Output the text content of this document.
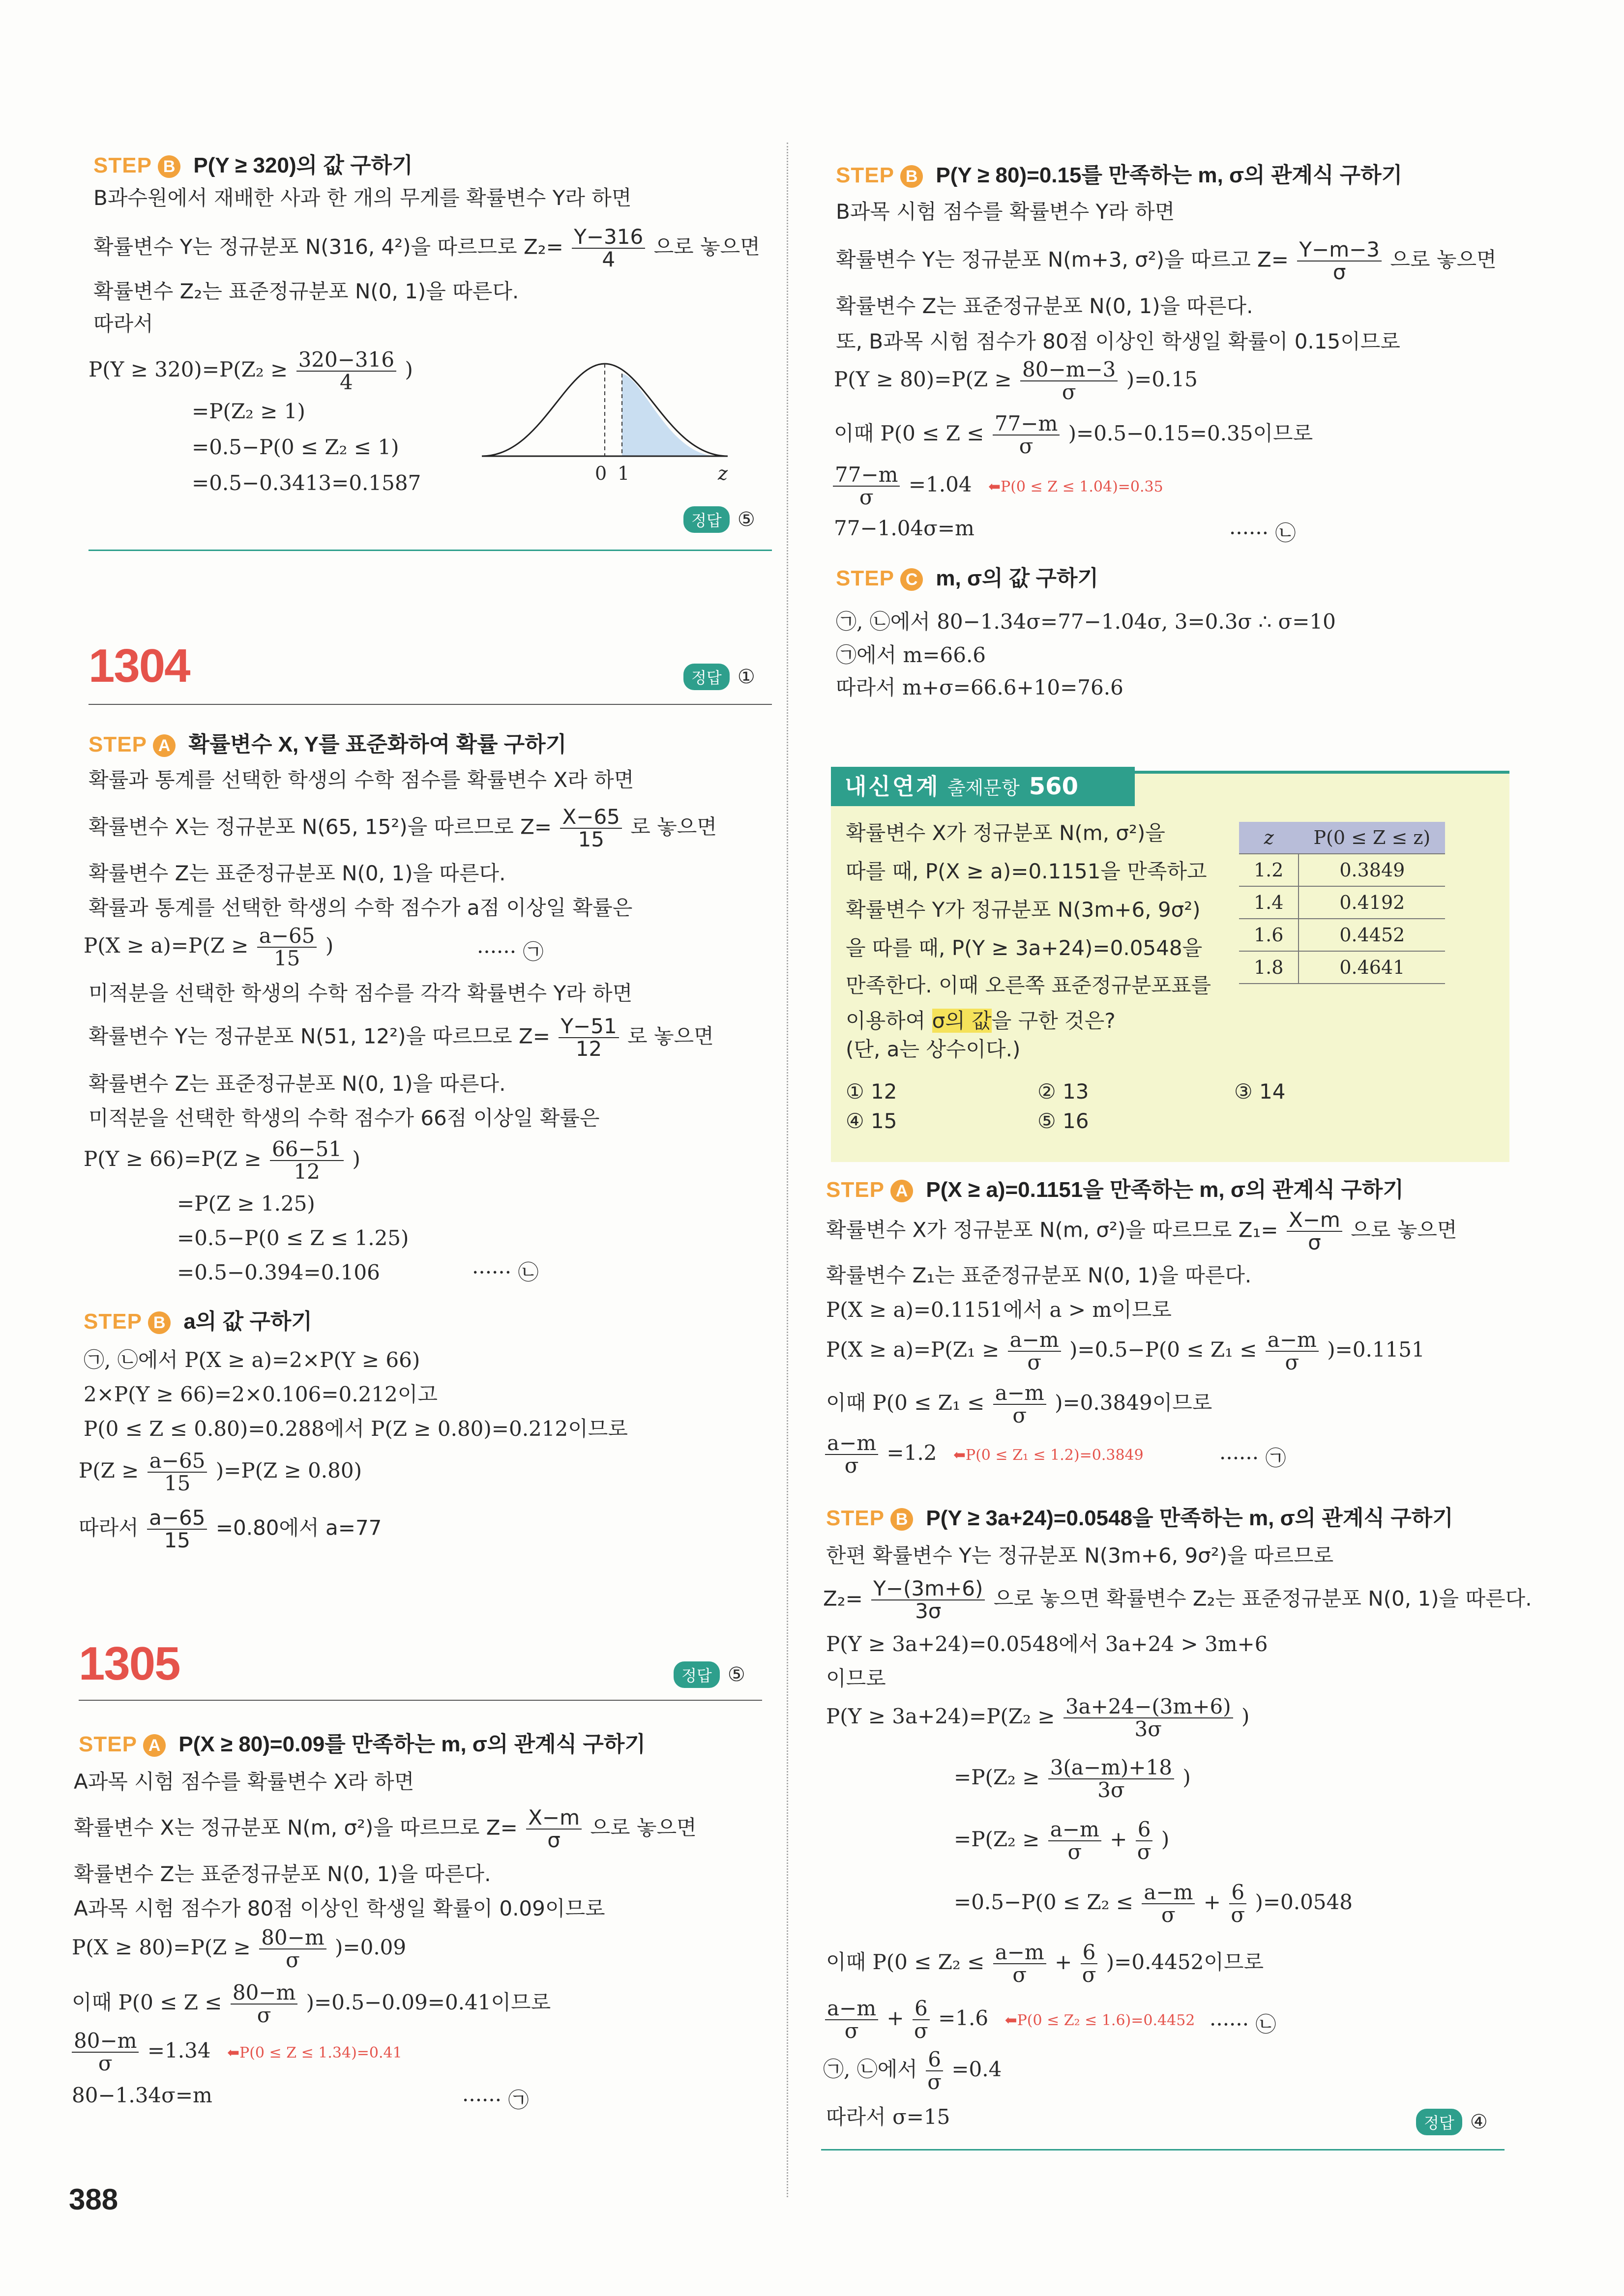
STEP B P(Y ≥ 320)의 값 구하기
B과수원에서 재배한 사과 한 개의 무게를 확률변수 Y라 하면
확률변수 Y는 정규분포 N(316, 4²)을 따르므로 $Z_2= \frac{Y-316}{4}$ 으로 놓으면
확률변수 Z₂는 표준정규분포 N(0, 1)을 따른다.
따라서
$P(Y \ge 320)=P(Z_2 \ge \frac{320-316}{4}$ )
=P(Z₂ ≥ 1)
=0.5−P(0 ≤ Z₂ ≤ 1)
=0.5−0.3413=0.1587	0 1	z
정답 ⑤
1304	정답 ①
STEP A 확률변수 X, Y를 표준화하여 확률 구하기
확률과 통계를 선택한 학생의 수학 점수를 확률변수 X라 하면
확률변수 X는 정규분포 N(65, 15²)을 따르므로 $Z= \frac{X-65}{15}$ 로 놓으면
확률변수 Z는 표준정규분포 N(0, 1)을 따른다.
확률과 통계를 선택한 학생의 수학 점수가 a점 이상일 확률은
$P(X \ge a)=P(Z \ge \frac{a-65}{15}$ )	······ ㉠
미적분을 선택한 학생의 수학 점수를 각각 확률변수 Y라 하면
확률변수 Y는 정규분포 N(51, 12²)을 따르므로 $Z= \frac{Y-51}{12}$ 로 놓으면
확률변수 Z는 표준정규분포 N(0, 1)을 따른다.
미적분을 선택한 학생의 수학 점수가 66점 이상일 확률은
$P(Y \ge 66)=P(Z \ge \frac{66-51}{12}$ )
=P(Z ≥ 1.25)
=0.5−P(0 ≤ Z ≤ 1.25)
=0.5−0.394=0.106	······ ㉡
STEP B a의 값 구하기
㉠, ㉡에서 P(X ≥ a)=2×P(Y ≥ 66)
2×P(Y ≥ 66)=2×0.106=0.212이고
P(0 ≤ Z ≤ 0.80)=0.288에서 P(Z ≥ 0.80)=0.212이므로
$P(Z \ge \frac{a-65}{15} )=P(Z \ge 0.80)$
따라서 $\frac{a-65}{15} =0.80$에서 a=77
1305	정답 ⑤
STEP A P(X ≥ 80)=0.09를 만족하는 m, σ의 관계식 구하기
A과목 시험 점수를 확률변수 X라 하면
확률변수 X는 정규분포 N(m, σ²)을 따르므로 $Z= \frac{X-m}{\sigma}$ 으로 놓으면
확률변수 Z는 표준정규분포 N(0, 1)을 따른다.
A과목 시험 점수가 80점 이상인 학생일 확률이 0.09이므로
$P(X \ge 80)=P(Z \ge \frac{80-m}{\sigma} )=0.09$
이때 $P(0 \le Z \le \frac{80-m}{\sigma} )=0.5-0.09=0.41$이므로
$\frac{80-m}{\sigma} =1.34$ ⬅P(0 ≤ Z ≤ 1.34)=0.41
80−1.34σ=m	······ ㉠
STEP B P(Y ≥ 80)=0.15를 만족하는 m, σ의 관계식 구하기
B과목 시험 점수를 확률변수 Y라 하면
확률변수 Y는 정규분포 N(m+3, σ²)을 따르고 $Z= \frac{Y-m-3}{\sigma}$ 으로 놓으면
확률변수 Z는 표준정규분포 N(0, 1)을 따른다.
또, B과목 시험 점수가 80점 이상인 학생일 확률이 0.15이므로
$P(Y \ge 80)=P(Z \ge \frac{80-m-3}{\sigma} )=0.15$
이때 $P(0 \le Z \le \frac{77-m}{\sigma} )=0.5-0.15=0.35$이므로
$\frac{77-m}{\sigma} =1.04$ ⬅P(0 ≤ Z ≤ 1.04)=0.35
77−1.04σ=m	······ ㉡
STEP C m, σ의 값 구하기
㉠, ㉡에서 80−1.34σ=77−1.04σ, 3=0.3σ ∴ σ=10
㉠에서 m=66.6
따라서 m+σ=66.6+10=76.6
내신연계 출제문항 560
확률변수 X가 정규분포 N(m, σ²)을
따를 때, P(X ≥ a)=0.1151을 만족하고
확률변수 Y가 정규분포 N(3m+6, 9σ²)
을 따를 때, P(Y ≥ 3a+24)=0.0548을
만족한다. 이때 오른쪽 표준정규분포표를
이용하여 σ의 값을 구한 것은?
(단, a는 상수이다.)
① 12	② 13	③ 14
④ 15	⑤ 16
z	P(0 ≤ Z ≤ z)
1.2	0.3849
1.4	0.4192
1.6	0.4452
1.8	0.4641
STEP A P(X ≥ a)=0.1151을 만족하는 m, σ의 관계식 구하기
확률변수 X가 정규분포 N(m, σ²)을 따르므로 $Z_1= \frac{X-m}{\sigma}$ 으로 놓으면
확률변수 Z₁는 표준정규분포 N(0, 1)을 따른다.
P(X ≥ a)=0.1151에서 a > m이므로
$P(X \ge a)=P(Z_1 \ge \frac{a-m}{\sigma} )=0.5-P(0 \le Z_1 \le \frac{a-m}{\sigma} )=0.1151$
이때 $P(0 \le Z_1 \le \frac{a-m}{\sigma} )=0.3849$이므로
$\frac{a-m}{\sigma} =1.2$ ⬅P(0 ≤ Z₁ ≤ 1.2)=0.3849	······ ㉠
STEP B P(Y ≥ 3a+24)=0.0548을 만족하는 m, σ의 관계식 구하기
한편 확률변수 Y는 정규분포 N(3m+6, 9σ²)을 따르므로
$Z_2= \frac{Y-(3m+6)}{3\sigma}$ 으로 놓으면 확률변수 Z₂는 표준정규분포 N(0, 1)을 따른다.
P(Y ≥ 3a+24)=0.0548에서 3a+24 > 3m+6
이므로
$P(Y \ge 3a+24)=P(Z_2 \ge \frac{3a+24-(3m+6)}{3\sigma}$ )
$=P(Z_2 \ge \frac{3(a-m)+18}{3\sigma}$ )
$=P(Z_2 \ge \frac{a-m}{\sigma} + \frac{6}{\sigma}$ )
$=0.5-P(0 \le Z_2 \le \frac{a-m}{\sigma} + \frac{6}{\sigma} )=0.0548$
이때 $P(0 \le Z_2 \le \frac{a-m}{\sigma} + \frac{6}{\sigma} )=0.4452$이므로
$\frac{a-m}{\sigma} + \frac{6}{\sigma} =1.6$ ⬅P(0 ≤ Z₂ ≤ 1.6)=0.4452 ······ ㉡
㉠, ㉡에서 $\frac{6}{\sigma} =0.4$
따라서 σ=15	정답 ④
388
